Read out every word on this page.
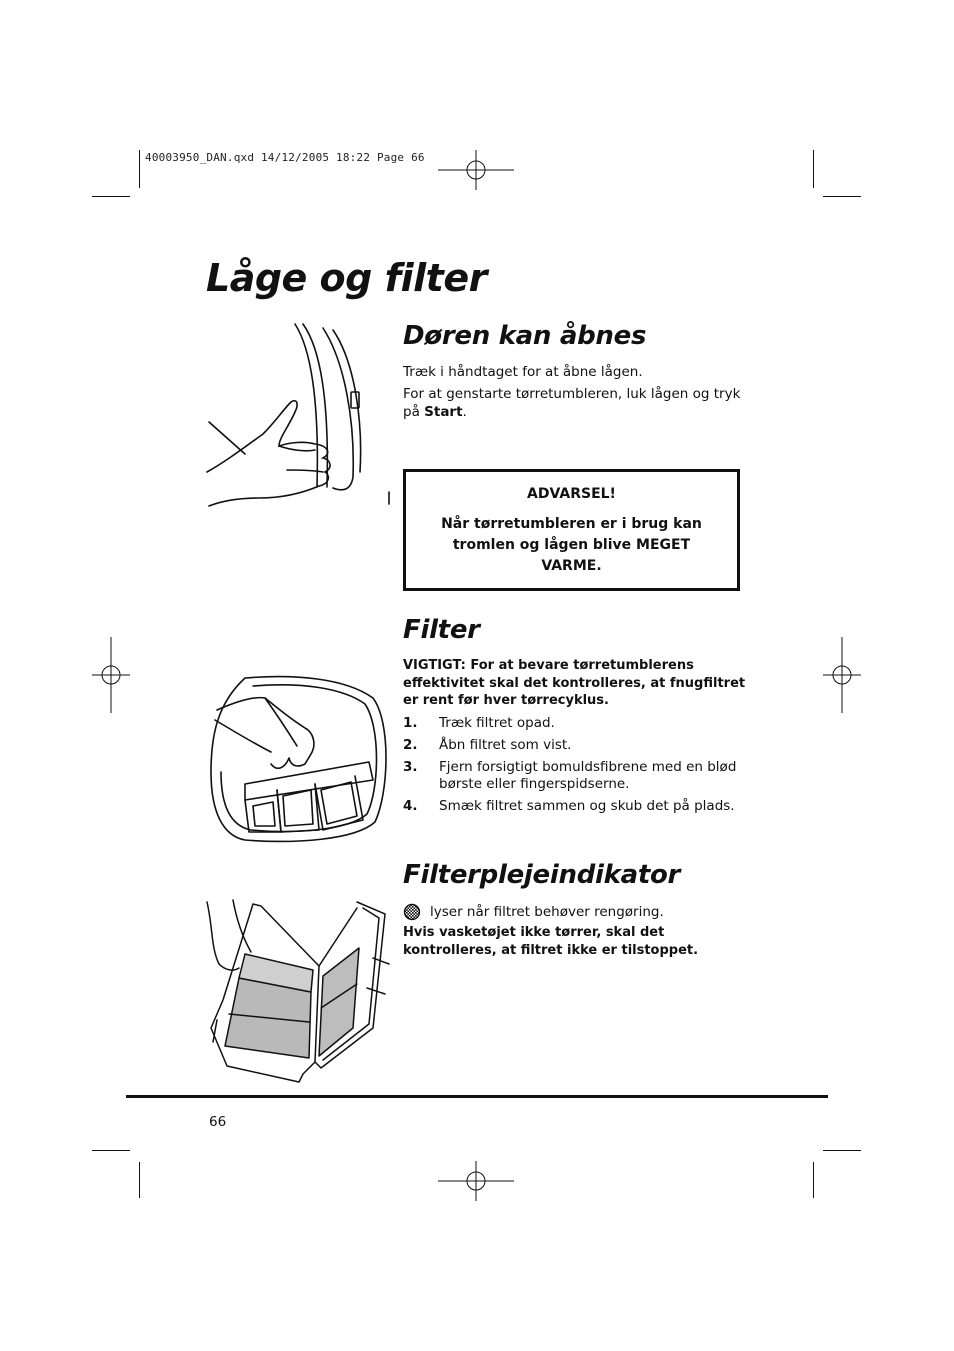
40003950_DAN.qxd 14/12/2005 18:22 Page 66
Låge og filter
Døren kan åbnes

Træk i håndtaget for at åbne lågen.

For at genstarte tørretumbleren, luk lågen og tryk på Start.

ADVARSEL!
Når tørretumbleren er i brug kan tromlen og lågen blive MEGET VARME.
Filter

VIGTIGT: For at bevare tørretumblerens effektivitet skal det kontrolleres, at fnugfiltret er rent før hver tørrecyklus.

1. Træk filtret opad.
2. Åbn filtret som vist.
3. Fjern forsigtigt bomuldsfibrene med en blød børste eller fingerspidserne.
4. Smæk filtret sammen og skub det på plads.
Filterplejeindikator

lyser når filtret behøver rengøring.

Hvis vasketøjet ikke tørrer, skal det kontrolleres, at filtret ikke er tilstoppet.

66
